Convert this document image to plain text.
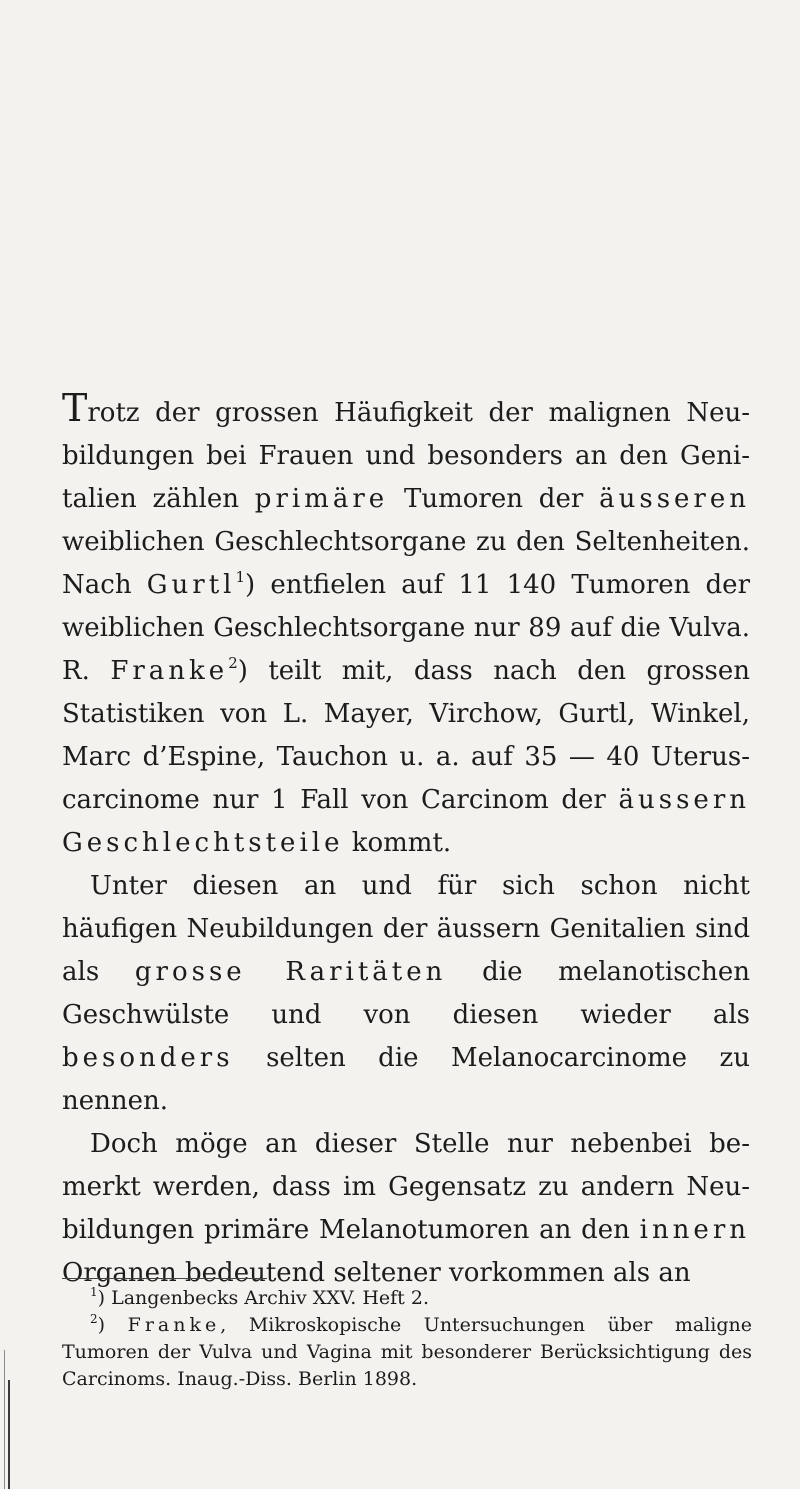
Trotz der grossen Häufigkeit der malignen Neubildungen bei Frauen und besonders an den Genitalien zählen primäre Tumoren der äusseren weiblichen Geschlechtsorgane zu den Seltenheiten. Nach Gurtl$^1$) entfielen auf 11 140 Tumoren der weiblichen Geschlechtsorgane nur 89 auf die Vulva. R. Franke$^2$) teilt mit, dass nach den grossen Statistiken von L. Mayer, Virchow, Gurtl, Winkel, Marc d’Espine, Tauchon u. a. auf 35 — 40 Uteruscarcinome nur 1 Fall von Carcinom der äussern Geschlechtsteile kommt.

Unter diesen an und für sich schon nicht häufigen Neubildungen der äussern Genitalien sind als grosse Raritäten die melanotischen Geschwülste und von diesen wieder als besonders selten die Melanocarcinome zu nennen.

Doch möge an dieser Stelle nur nebenbei bemerkt werden, dass im Gegensatz zu andern Neubildungen primäre Melanotumoren an den innern Organen bedeutend seltener vorkommen als an

$^1$) Langenbecks Archiv XXV. Heft 2.

$^2$) Franke, Mikroskopische Untersuchungen über maligne Tumoren der Vulva und Vagina mit besonderer Berücksichtigung des Carcinoms. Inaug.-Diss. Berlin 1898.
